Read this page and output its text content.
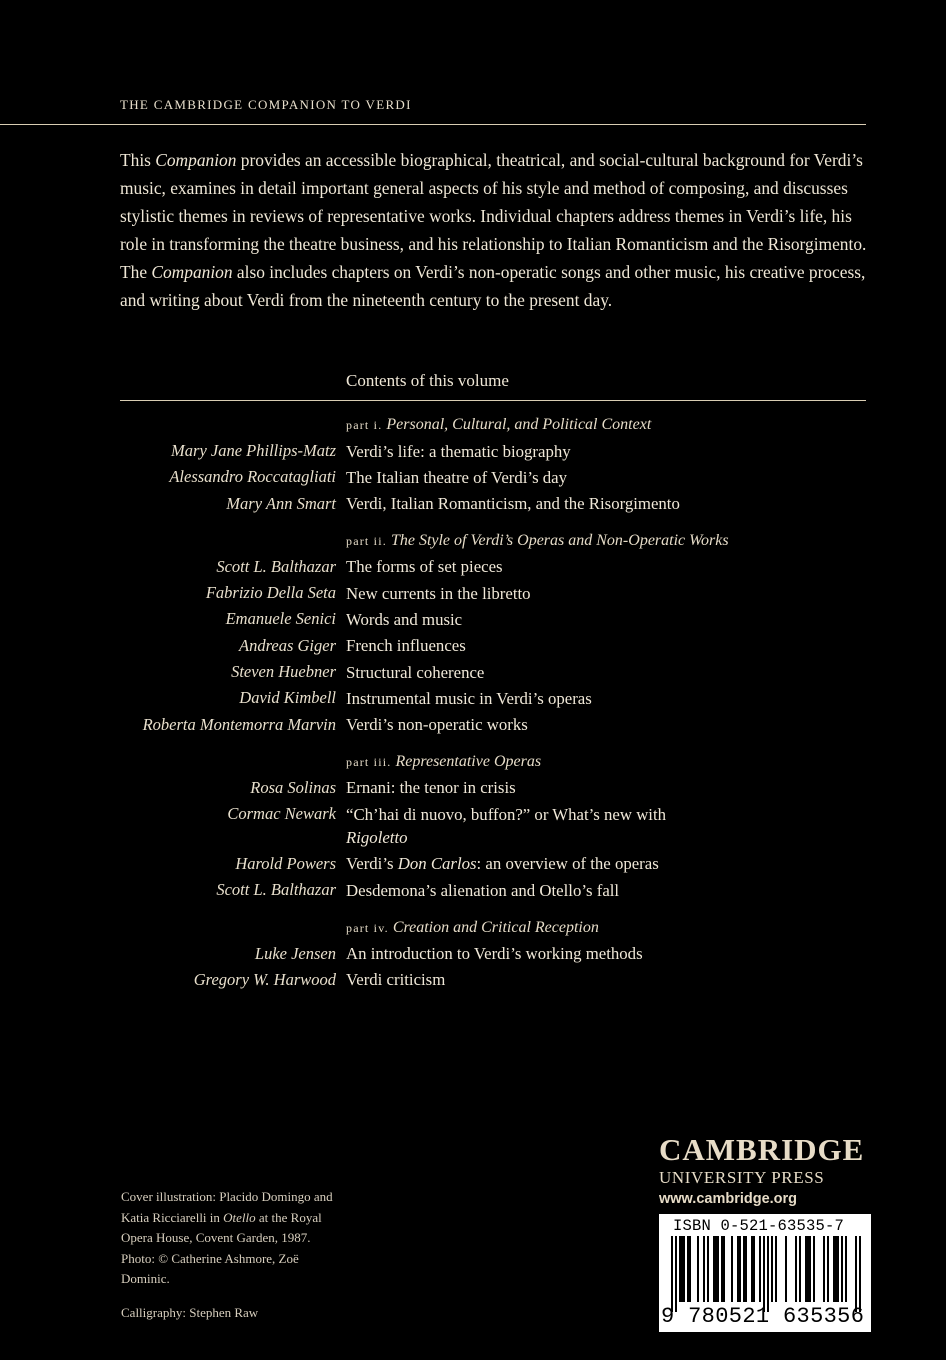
THE CAMBRIDGE COMPANION TO VERDI
This Companion provides an accessible biographical, theatrical, and social-cultural background for Verdi’s music, examines in detail important general aspects of his style and method of composing, and discusses stylistic themes in reviews of representative works. Individual chapters address themes in Verdi’s life, his role in transforming the theatre business, and his relationship to Italian Romanticism and the Risorgimento. The Companion also includes chapters on Verdi’s non-operatic songs and other music, his creative process, and writing about Verdi from the nineteenth century to the present day.
Contents of this volume
part i. Personal, Cultural, and Political Context
Mary Jane Phillips-Matz Verdi’s life: a thematic biography
Alessandro Roccatagliati The Italian theatre of Verdi’s day
Mary Ann Smart Verdi, Italian Romanticism, and the Risorgimento
part ii. The Style of Verdi’s Operas and Non-Operatic Works
Scott L. Balthazar The forms of set pieces
Fabrizio Della Seta New currents in the libretto
Emanuele Senici Words and music
Andreas Giger French influences
Steven Huebner Structural coherence
David Kimbell Instrumental music in Verdi’s operas
Roberta Montemorra Marvin Verdi’s non-operatic works
part iii. Representative Operas
Rosa Solinas Ernani: the tenor in crisis
Cormac Newark “Ch’hai di nuovo, buffon?” or What’s new with
Rigoletto
Harold Powers Verdi’s Don Carlos: an overview of the operas
Scott L. Balthazar Desdemona’s alienation and Otello’s fall
part iv. Creation and Critical Reception
Luke Jensen An introduction to Verdi’s working methods
Gregory W. Harwood Verdi criticism
Cover illustration: Placido Domingo and Katia Ricciarelli in Otello at the Royal Opera House, Covent Garden, 1987. Photo: © Catherine Ashmore, Zoë Dominic.
Calligraphy: Stephen Raw
CAMBRIDGE
UNIVERSITY PRESS
www.cambridge.org
ISBN 0-521-63535-7
9 780521 635356
